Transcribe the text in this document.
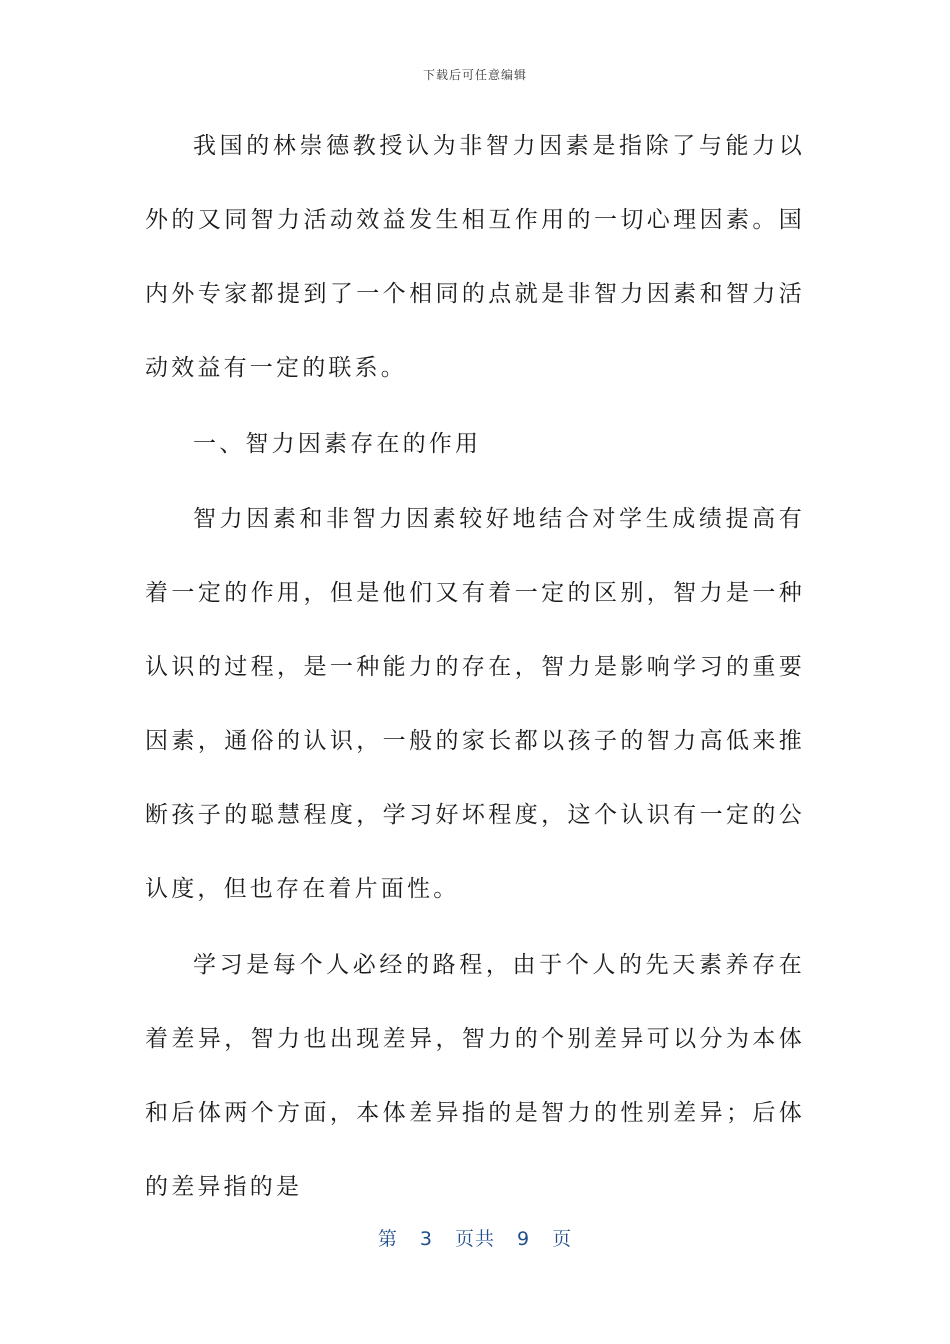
下载后可任意编辑

我国的林崇德教授认为非智力因素是指除了与能力以外的又同智力活动效益发生相互作用的一切心理因素。国内外专家都提到了一个相同的点就是非智力因素和智力活动效益有一定的联系。

一、智力因素存在的作用

智力因素和非智力因素较好地结合对学生成绩提高有着一定的作用，但是他们又有着一定的区别，智力是一种认识的过程，是一种能力的存在，智力是影响学习的重要因素，通俗的认识，一般的家长都以孩子的智力高低来推断孩子的聪慧程度，学习好坏程度，这个认识有一定的公认度，但也存在着片面性。

学习是每个人必经的路程，由于个人的先天素养存在着差异，智力也出现差异，智力的个别差异可以分为本体和后体两个方面，本体差异指的是智力的性别差异；后体的差异指的是

第 3 页共 9 页
